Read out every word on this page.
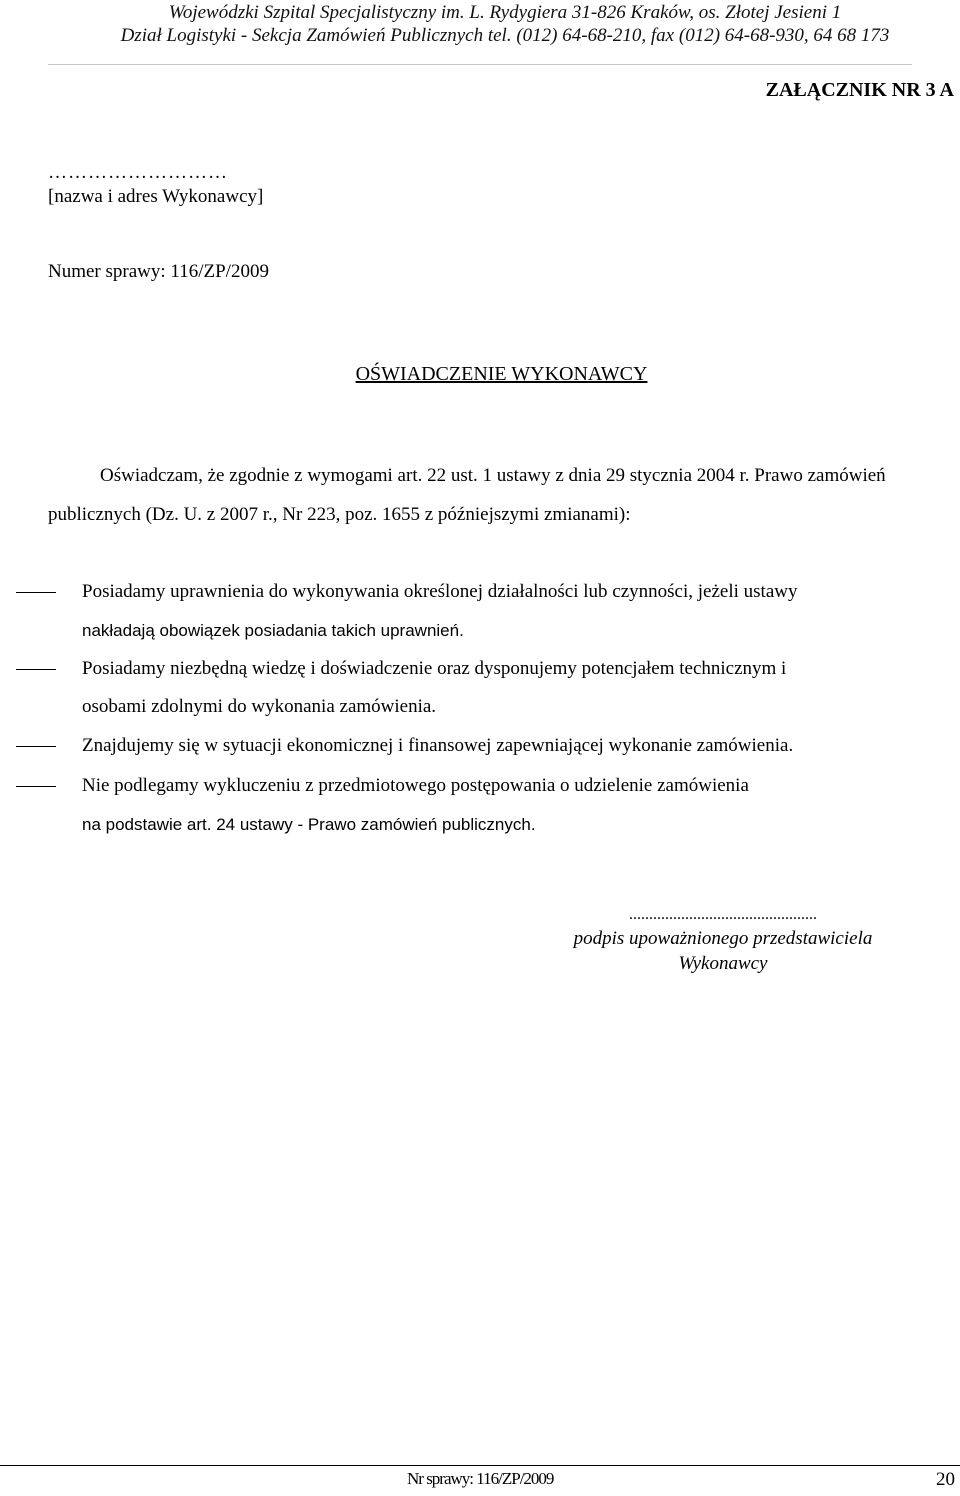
Wojewódzki Szpital Specjalistyczny im. L. Rydygiera 31-826 Kraków, os. Złotej Jesieni 1
Dział Logistyki - Sekcja Zamówień Publicznych tel. (012) 64-68-210, fax (012) 64-68-930, 64 68 173
ZAŁĄCZNIK NR 3 A
………………………
[nazwa i adres Wykonawcy]
Numer sprawy: 116/ZP/2009
OŚWIADCZENIE WYKONAWCY
Oświadczam, że zgodnie z wymogami art. 22 ust. 1 ustawy z dnia 29 stycznia 2004 r. Prawo zamówień publicznych (Dz. U. z 2007 r., Nr 223, poz. 1655 z późniejszymi zmianami):
Posiadamy uprawnienia do wykonywania określonej działalności lub czynności, jeżeli ustawy
nakładają obowiązek posiadania takich uprawnień.
Posiadamy niezbędną wiedzę i doświadczenie oraz dysponujemy potencjałem technicznym i
osobami zdolnymi do wykonania zamówienia.
Znajdujemy się w sytuacji ekonomicznej i finansowej zapewniającej wykonanie zamówienia.
Nie podlegamy wykluczeniu z przedmiotowego postępowania o udzielenie zamówienia
na podstawie art. 24 ustawy - Prawo zamówień publicznych.
...............................................
podpis upoważnionego przedstawiciela
Wykonawcy
Nr sprawy: 116/ZP/2009	20
